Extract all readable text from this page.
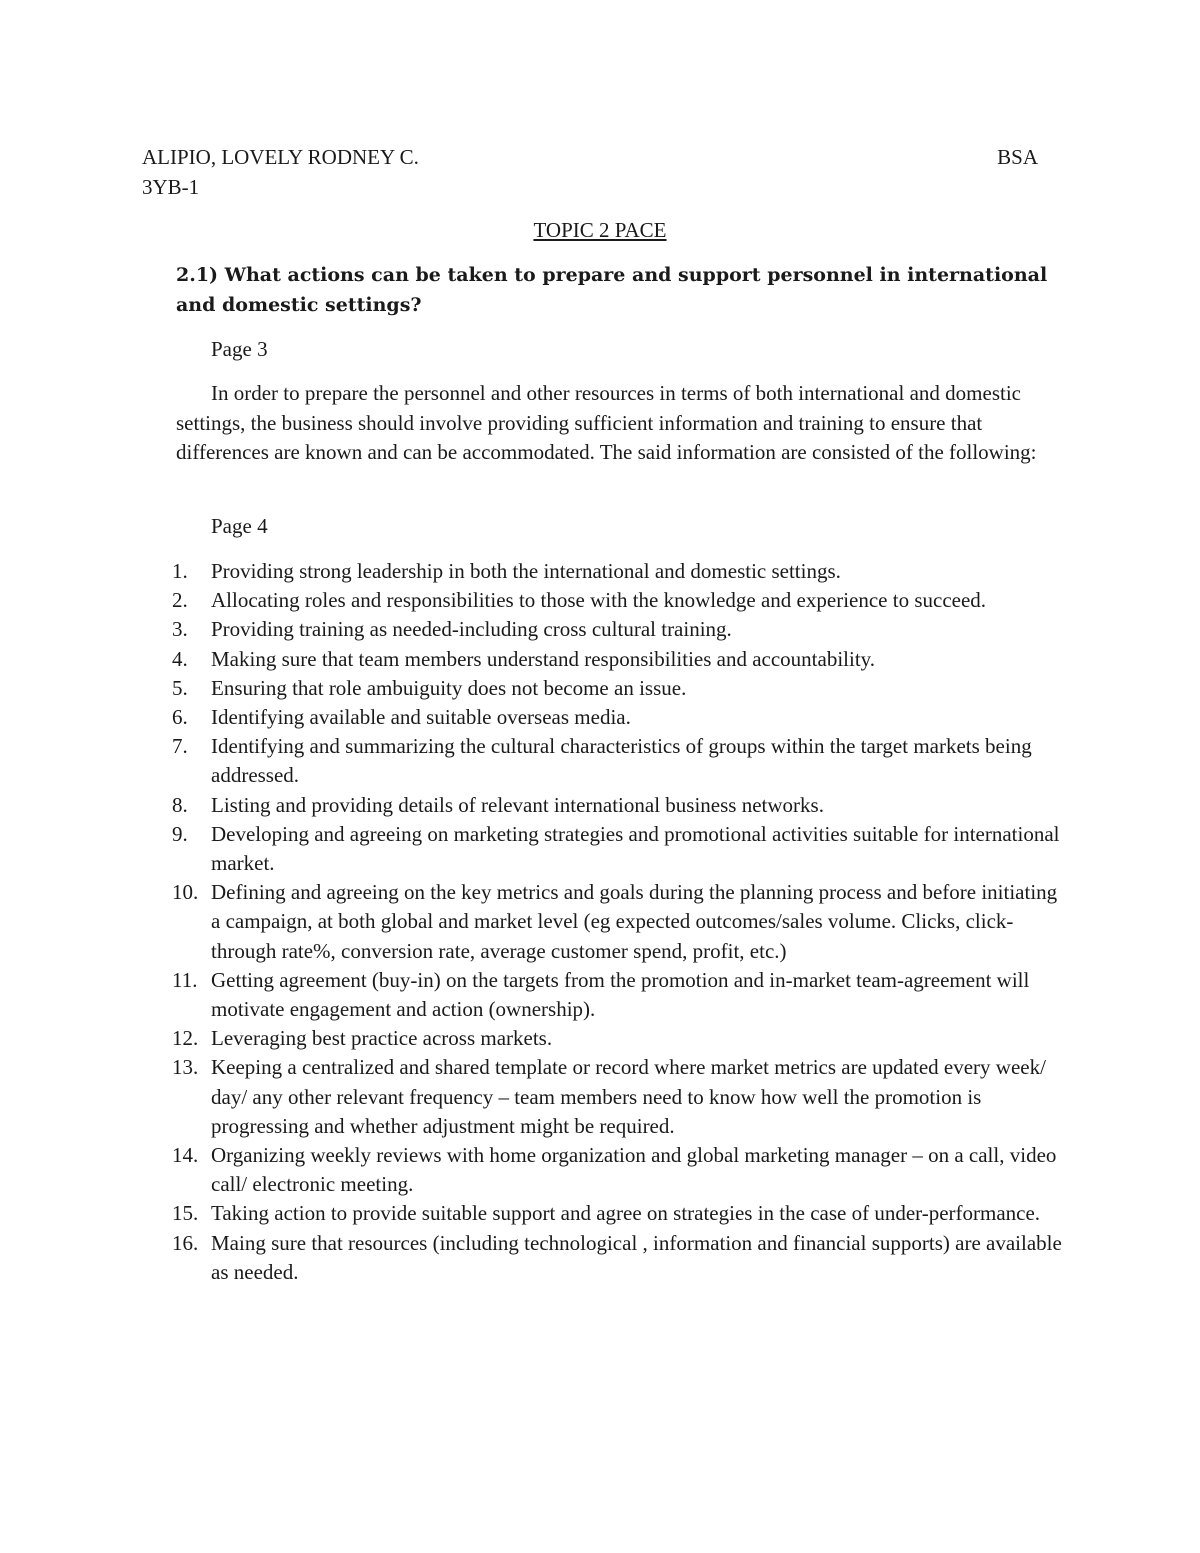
ALIPIO, LOVELY RODNEY C.	BSA
3YB-1
TOPIC 2 PACE
2.1) What actions can be taken to prepare and support personnel in international and domestic settings?
Page 3
In order to prepare the personnel and other resources in terms of both international and domestic settings, the business should involve providing sufficient information and training to ensure that differences are known and can be accommodated. The said information are consisted of the following:
Page 4
1. Providing strong leadership in both the international and domestic settings.
2. Allocating roles and responsibilities to those with the knowledge and experience to succeed.
3. Providing training as needed-including cross cultural training.
4. Making sure that team members understand responsibilities and accountability.
5. Ensuring that role ambuiguity does not become an issue.
6. Identifying available and suitable overseas media.
7. Identifying and summarizing the cultural characteristics of groups within the target markets being addressed.
8. Listing and providing details of relevant international business networks.
9. Developing and agreeing on marketing strategies and promotional activities suitable for international market.
10. Defining and agreeing on the key metrics and goals during the planning process and before initiating a campaign, at both global and market level (eg expected outcomes/sales volume. Clicks, click-through rate%, conversion rate, average customer spend, profit, etc.)
11. Getting agreement (buy-in) on the targets from the promotion and in-market team-agreement will motivate engagement and action (ownership).
12. Leveraging best practice across markets.
13. Keeping a centralized and shared template or record where market metrics are updated every week/ day/ any other relevant frequency – team members need to know how well the promotion is progressing and whether adjustment might be required.
14. Organizing weekly reviews with home organization and global marketing manager – on a call, video call/ electronic meeting.
15. Taking action to provide suitable support and agree on strategies in the case of under-performance.
16. Maing sure that resources (including technological , information and financial supports) are available as needed.
